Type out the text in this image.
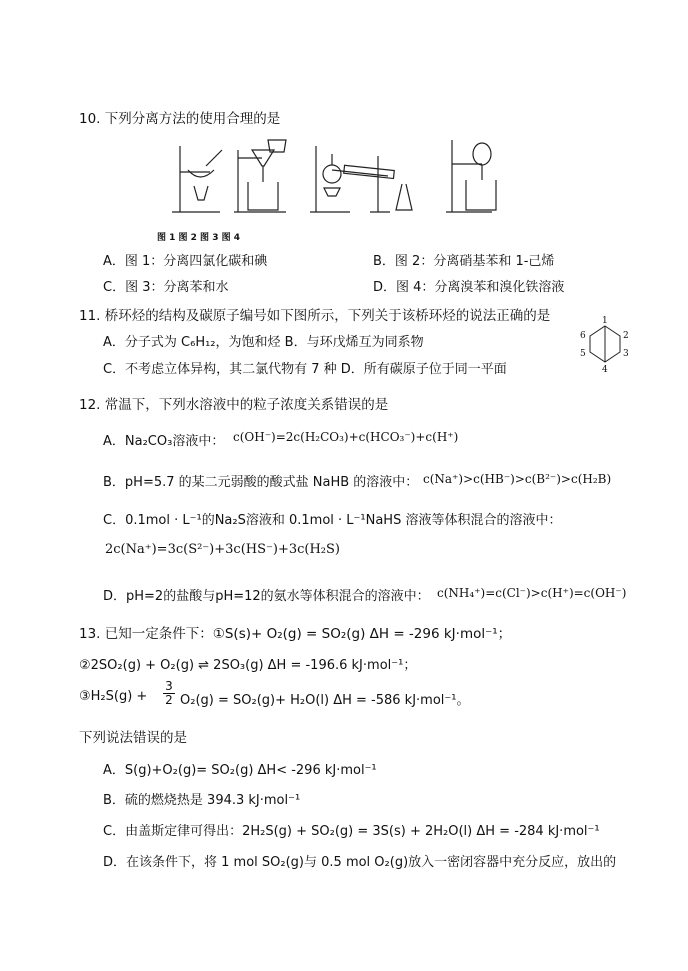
10. 下列分离方法的使用合理的是
图 1 图 2 图 3 图 4
A．图 1：分离四氯化碳和碘	B．图 2：分离硝基苯和 1-己烯
C．图 3：分离苯和水	D．图 4：分离溴苯和溴化铁溶液
11. 桥环烃的结构及碳原子编号如下图所示，下列关于该桥环烃的说法正确的是
A．分子式为 C₆H₁₂，为饱和烃 B．与环戊烯互为同系物
C．不考虑立体异构，其二氯代物有 7 种 D．所有碳原子位于同一平面
1
2
3
4
5
6
12. 常温下，下列水溶液中的粒子浓度关系错误的是
A．Na₂CO₃溶液中： c(OH⁻)=2c(H₂CO₃)+c(HCO₃⁻)+c(H⁺)
B．pH=5.7 的某二元弱酸的酸式盐 NaHB 的溶液中： c(Na⁺)>c(HB⁻)>c(B²⁻)>c(H₂B)
C．0.1mol · L⁻¹的Na₂S溶液和 0.1mol · L⁻¹NaHS 溶液等体积混合的溶液中：
2c(Na⁺)=3c(S²⁻)+3c(HS⁻)+3c(H₂S)
D．pH=2的盐酸与pH=12的氨水等体积混合的溶液中： c(NH₄⁺)=c(Cl⁻)>c(H⁺)=c(OH⁻)
13. 已知一定条件下：①S(s)+ O₂(g) = SO₂(g) ΔH = -296 kJ·mol⁻¹；
②2SO₂(g) + O₂(g) ⇌ 2SO₃(g) ΔH = -196.6 kJ·mol⁻¹；
③H₂S(g) + $\frac{3}{2} O_2(g) = SO_2(g)+ H_2O(l) \Delta H = -586$ kJ·mol⁻¹。
下列说法错误的是
A．S(g)+O₂(g)= SO₂(g) ΔH< -296 kJ·mol⁻¹
B．硫的燃烧热是 394.3 kJ·mol⁻¹
C．由盖斯定律可得出：2H₂S(g) + SO₂(g) = 3S(s) + 2H₂O(l) ΔH = -284 kJ·mol⁻¹
D．在该条件下，将 1 mol SO₂(g)与 0.5 mol O₂(g)放入一密闭容器中充分反应，放出的
